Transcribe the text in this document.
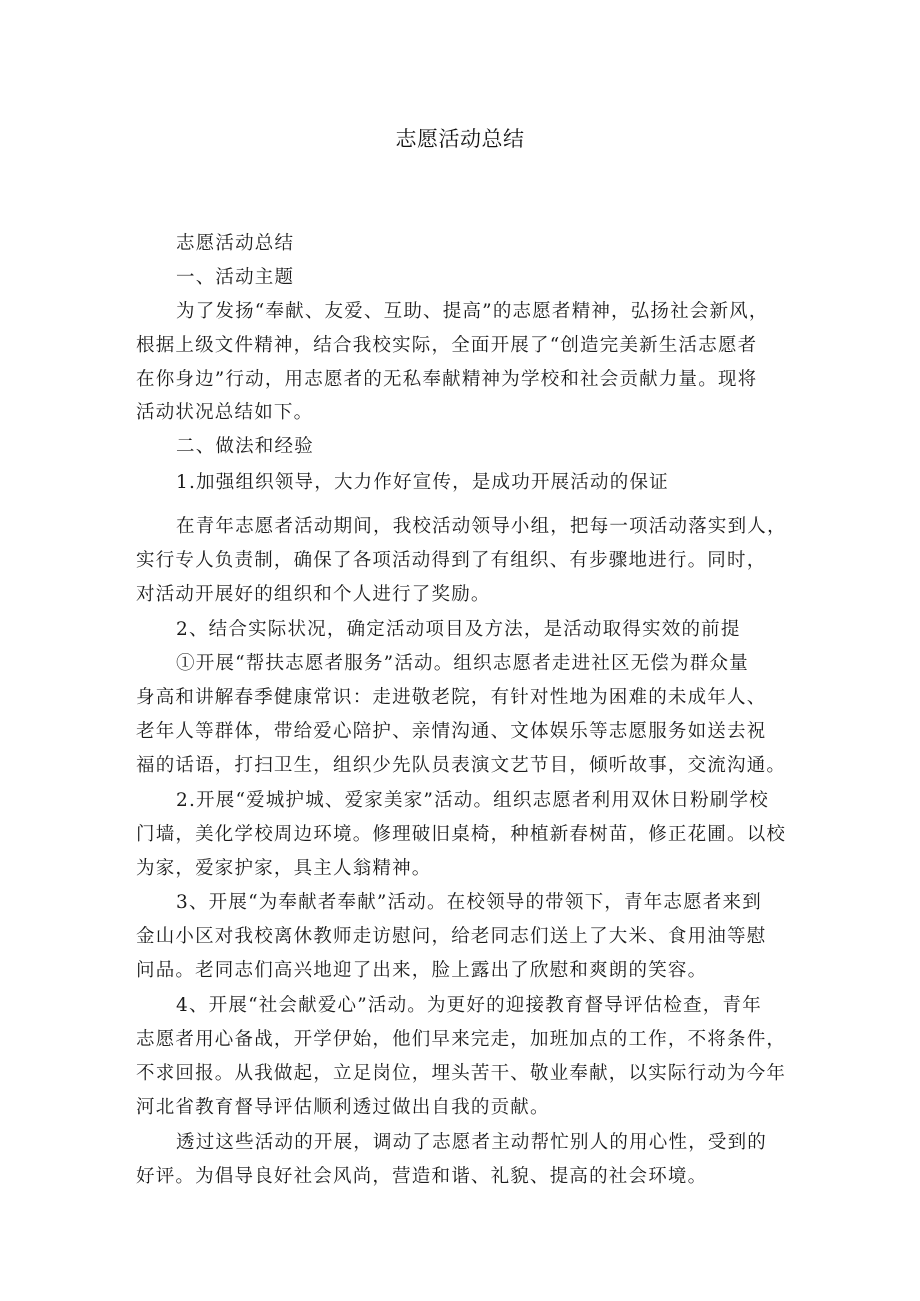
志愿活动总结
志愿活动总结
一、活动主题
为了发扬“奉献、友爱、互助、提高”的志愿者精神，弘扬社会新风，
根据上级文件精神，结合我校实际，全面开展了“创造完美新生活志愿者
在你身边”行动，用志愿者的无私奉献精神为学校和社会贡献力量。现将
活动状况总结如下。
二、做法和经验
1.加强组织领导，大力作好宣传，是成功开展活动的保证
在青年志愿者活动期间，我校活动领导小组，把每一项活动落实到人，
实行专人负责制，确保了各项活动得到了有组织、有步骤地进行。同时，
对活动开展好的组织和个人进行了奖励。
2、结合实际状况，确定活动项目及方法，是活动取得实效的前提
①开展“帮扶志愿者服务”活动。组织志愿者走进社区无偿为群众量
身高和讲解春季健康常识：走进敬老院，有针对性地为困难的未成年人、
老年人等群体，带给爱心陪护、亲情沟通、文体娱乐等志愿服务如送去祝
福的话语，打扫卫生，组织少先队员表演文艺节目，倾听故事，交流沟通。
2.开展“爱城护城、爱家美家”活动。组织志愿者利用双休日粉刷学校
门墙，美化学校周边环境。修理破旧桌椅，种植新春树苗，修正花圃。以校
为家，爱家护家，具主人翁精神。
3、开展“为奉献者奉献”活动。在校领导的带领下，青年志愿者来到
金山小区对我校离休教师走访慰问，给老同志们送上了大米、食用油等慰
问品。老同志们高兴地迎了出来，脸上露出了欣慰和爽朗的笑容。
4、开展“社会献爱心”活动。为更好的迎接教育督导评估检查，青年
志愿者用心备战，开学伊始，他们早来完走，加班加点的工作，不将条件，
不求回报。从我做起，立足岗位，埋头苦干、敬业奉献，以实际行动为今年
河北省教育督导评估顺利透过做出自我的贡献。
透过这些活动的开展，调动了志愿者主动帮忙别人的用心性，受到的
好评。为倡导良好社会风尚，营造和谐、礼貌、提高的社会环境。
